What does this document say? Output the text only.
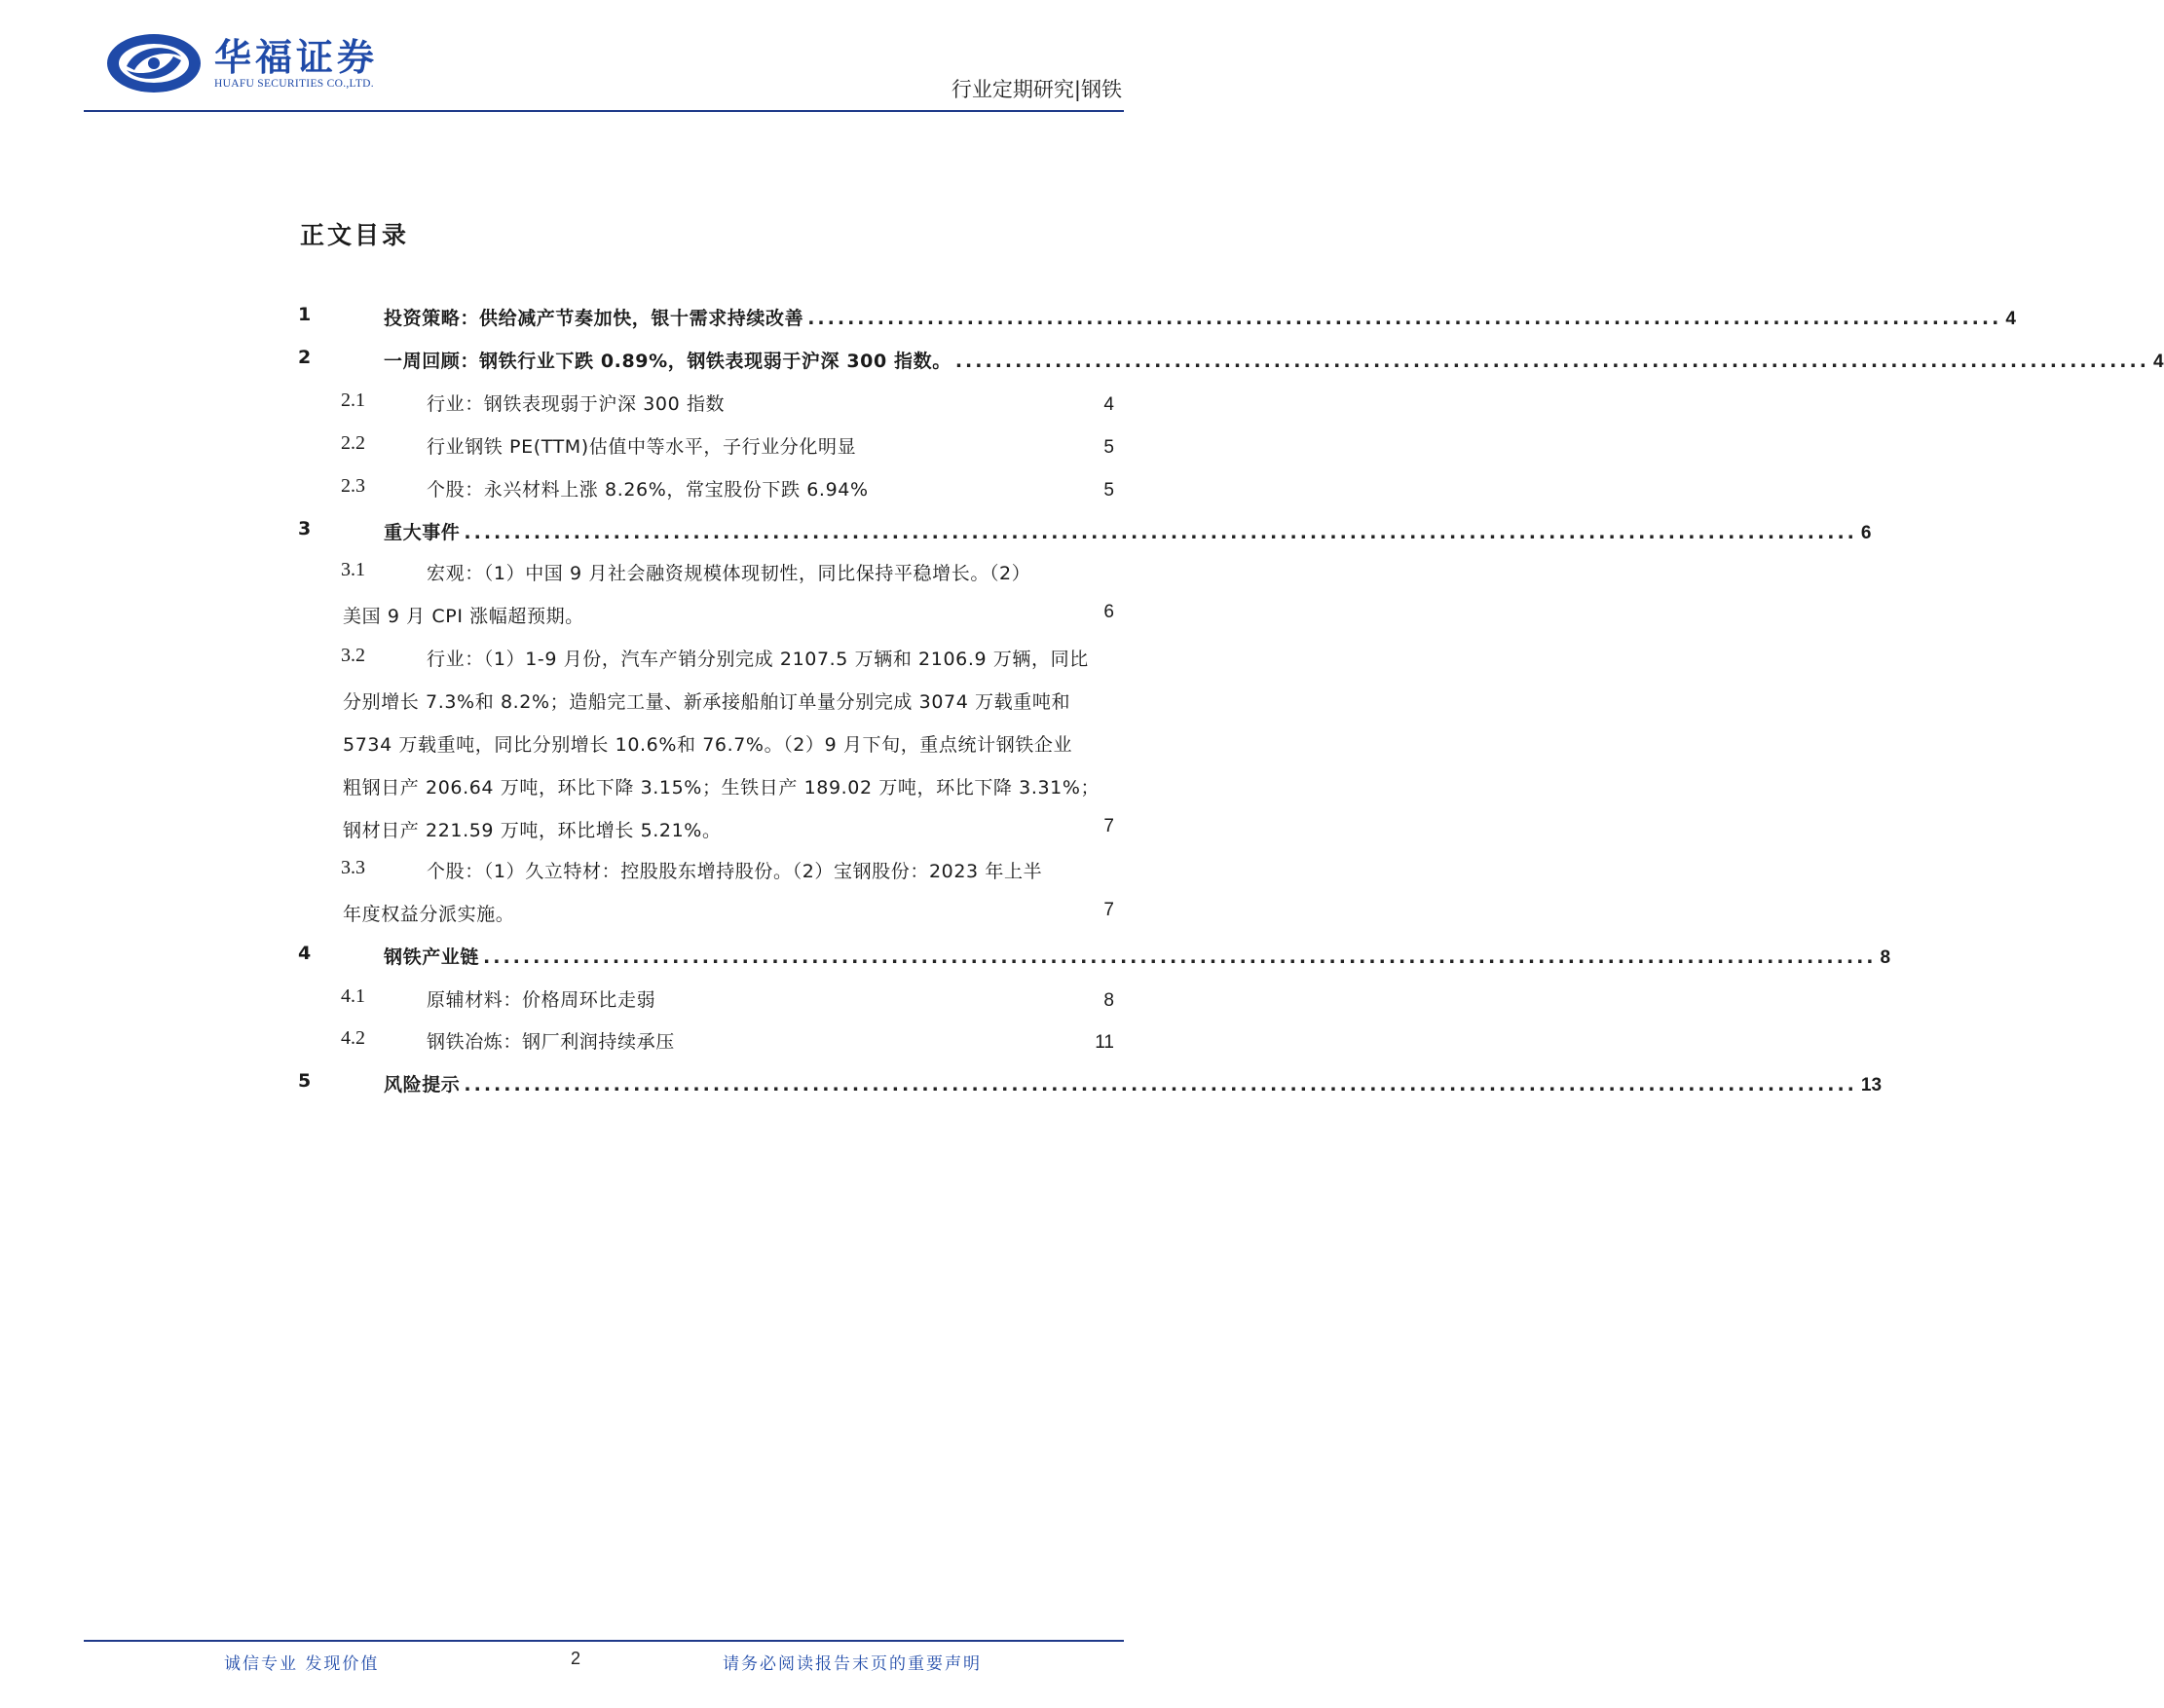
华福证券
HUAFU SECURITIES CO.,LTD.	行业定期研究|钢铁
正文目录
1	投资策略：供给减产节奏加快，银十需求持续改善 ........................................................................................................................ 4
2	一周回顾：钢铁行业下跌 0.89%，钢铁表现弱于沪深 300 指数。 ........................................................................................................................ 4
2.1	行业：钢铁表现弱于沪深 300 指数	4
2.2	行业钢铁 PE(TTM)估值中等水平，子行业分化明显	5
2.3	个股：永兴材料上涨 8.26%，常宝股份下跌 6.94%	5
3	重大事件 ............................................................................................................................................ 6
3.1	宏观：（1）中国 9 月社会融资规模体现韧性，同比保持平稳增长。（2）
美国 9 月 CPI 涨幅超预期。	6
3.2	行业：（1）1-9 月份，汽车产销分别完成 2107.5 万辆和 2106.9 万辆，同比
分别增长 7.3%和 8.2%；造船完工量、新承接船舶订单量分别完成 3074 万载重吨和
5734 万载重吨，同比分别增长 10.6%和 76.7%。（2）9 月下旬，重点统计钢铁企业
粗钢日产 206.64 万吨，环比下降 3.15%；生铁日产 189.02 万吨，环比下降 3.31%；
钢材日产 221.59 万吨，环比增长 5.21%。	7
3.3	个股：（1）久立特材：控股股东增持股份。（2）宝钢股份：2023 年上半
年度权益分派实施。	7
4	钢铁产业链 ............................................................................................................................................ 8
4.1	原辅材料：价格周环比走弱	8
4.2	钢铁冶炼：钢厂利润持续承压	11
5	风险提示 ............................................................................................................................................ 13
诚信专业 发现价值	2	请务必阅读报告末页的重要声明
